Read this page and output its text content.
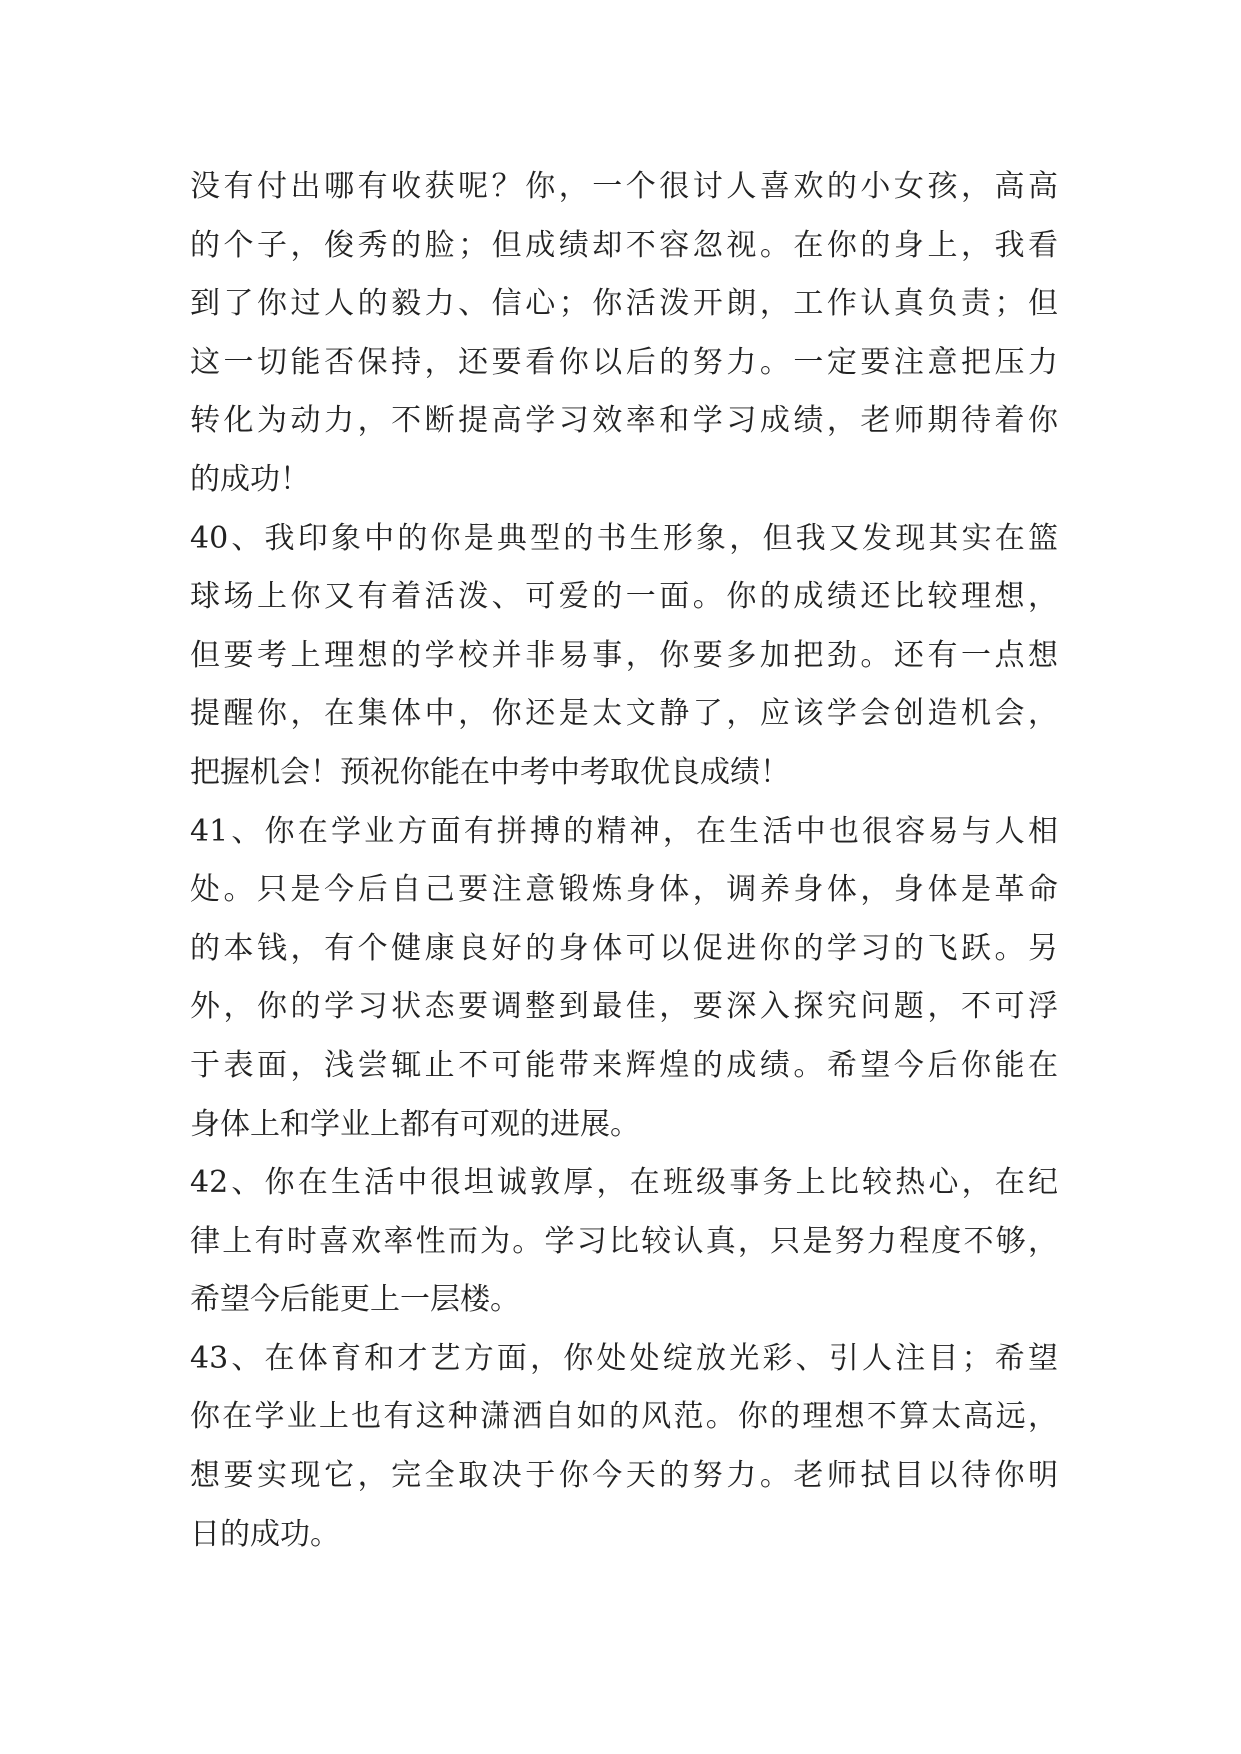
没有付出哪有收获呢？你，一个很讨人喜欢的小女孩，高高
的个子，俊秀的脸；但成绩却不容忽视。在你的身上，我看
到了你过人的毅力、信心；你活泼开朗，工作认真负责；但
这一切能否保持，还要看你以后的努力。一定要注意把压力
转化为动力，不断提高学习效率和学习成绩，老师期待着你
的成功！
40、我印象中的你是典型的书生形象，但我又发现其实在篮
球场上你又有着活泼、可爱的一面。你的成绩还比较理想，
但要考上理想的学校并非易事，你要多加把劲。还有一点想
提醒你，在集体中，你还是太文静了，应该学会创造机会，
把握机会！预祝你能在中考中考取优良成绩！
41、你在学业方面有拼搏的精神，在生活中也很容易与人相
处。只是今后自己要注意锻炼身体，调养身体，身体是革命
的本钱，有个健康良好的身体可以促进你的学习的飞跃。另
外，你的学习状态要调整到最佳，要深入探究问题，不可浮
于表面，浅尝辄止不可能带来辉煌的成绩。希望今后你能在
身体上和学业上都有可观的进展。
42、你在生活中很坦诚敦厚，在班级事务上比较热心，在纪
律上有时喜欢率性而为。学习比较认真，只是努力程度不够，
希望今后能更上一层楼。
43、在体育和才艺方面，你处处绽放光彩、引人注目；希望
你在学业上也有这种潇洒自如的风范。你的理想不算太高远，
想要实现它，完全取决于你今天的努力。老师拭目以待你明
日的成功。
